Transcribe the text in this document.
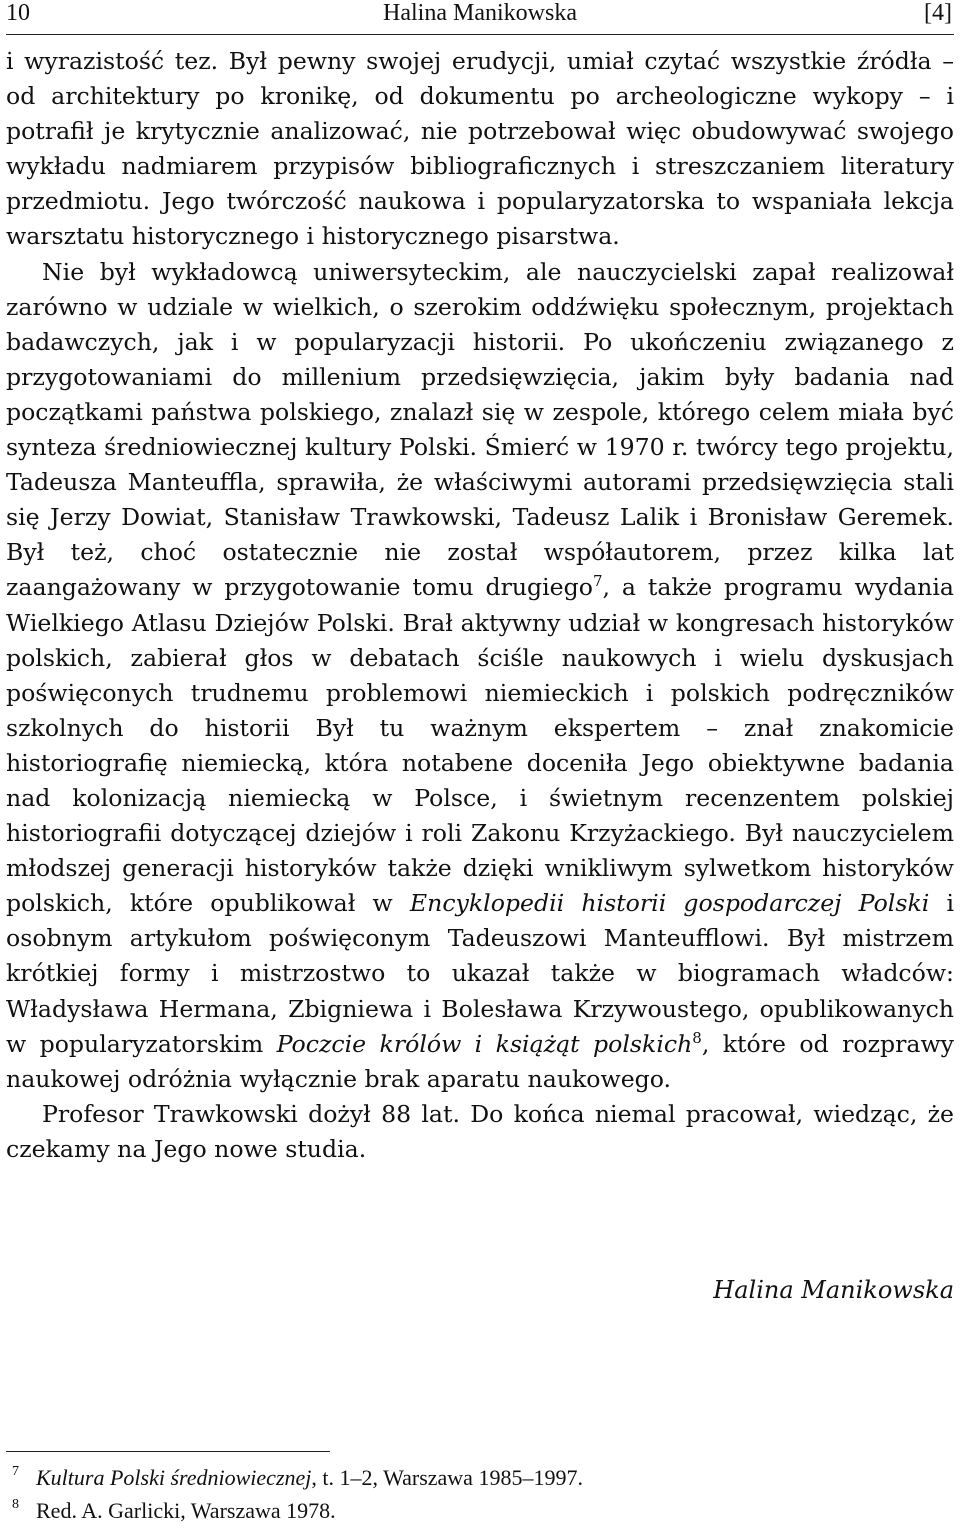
10	Halina Manikowska	[4]

i wyrazistość tez. Był pewny swojej erudycji, umiał czytać wszystkie źródła – od architektury po kronikę, od dokumentu po archeologiczne wykopy – i potrafił je krytycznie analizować, nie potrzebował więc obudowywać swojego wykładu nadmiarem przypisów bibliograficznych i streszczaniem literatury przedmiotu. Jego twórczość naukowa i popularyzatorska to wspaniała lekcja warsztatu historycznego i historycznego pisarstwa.

Nie był wykładowcą uniwersyteckim, ale nauczycielski zapał realizował zarówno w udziale w wielkich, o szerokim oddźwięku społecznym, projektach badawczych, jak i w popularyzacji historii. Po ukończeniu związanego z przygotowaniami do millenium przedsięwzięcia, jakim były badania nad początkami państwa polskiego, znalazł się w zespole, którego celem miała być synteza średniowiecznej kultury Polski. Śmierć w 1970 r. twórcy tego projektu, Tadeusza Manteuffla, sprawiła, że właściwymi autorami przedsięwzięcia stali się Jerzy Dowiat, Stanisław Trawkowski, Tadeusz Lalik i Bronisław Geremek. Był też, choć ostatecznie nie został współautorem, przez kilka lat zaangażowany w przygotowanie tomu drugiego$^7$, a także programu wydania Wielkiego Atlasu Dziejów Polski. Brał aktywny udział w kongresach historyków polskich, zabierał głos w debatach ściśle naukowych i wielu dyskusjach poświęconych trudnemu problemowi niemieckich i polskich podręczników szkolnych do historii Był tu ważnym ekspertem – znał znakomicie historiografię niemiecką, która notabene doceniła Jego obiektywne badania nad kolonizacją niemiecką w Polsce, i świetnym recenzentem polskiej historiografii dotyczącej dziejów i roli Zakonu Krzyżackiego. Był nauczycielem młodszej generacji historyków także dzięki wnikliwym sylwetkom historyków polskich, które opublikował w Encyklopedii historii gospodarczej Polski i osobnym artykułom poświęconym Tadeuszowi Manteufflowi. Był mistrzem krótkiej formy i mistrzostwo to ukazał także w biogramach władców: Władysława Hermana, Zbigniewa i Bolesława Krzywoustego, opublikowanych w popularyzatorskim Poczcie królów i książąt polskich$^8$, które od rozprawy naukowej odróżnia wyłącznie brak aparatu naukowego.

Profesor Trawkowski dożył 88 lat. Do końca niemal pracował, wiedząc, że czekamy na Jego nowe studia.

Halina Manikowska
7 Kultura Polski średniowiecznej, t. 1–2, Warszawa 1985–1997.
8 Red. A. Garlicki, Warszawa 1978.
